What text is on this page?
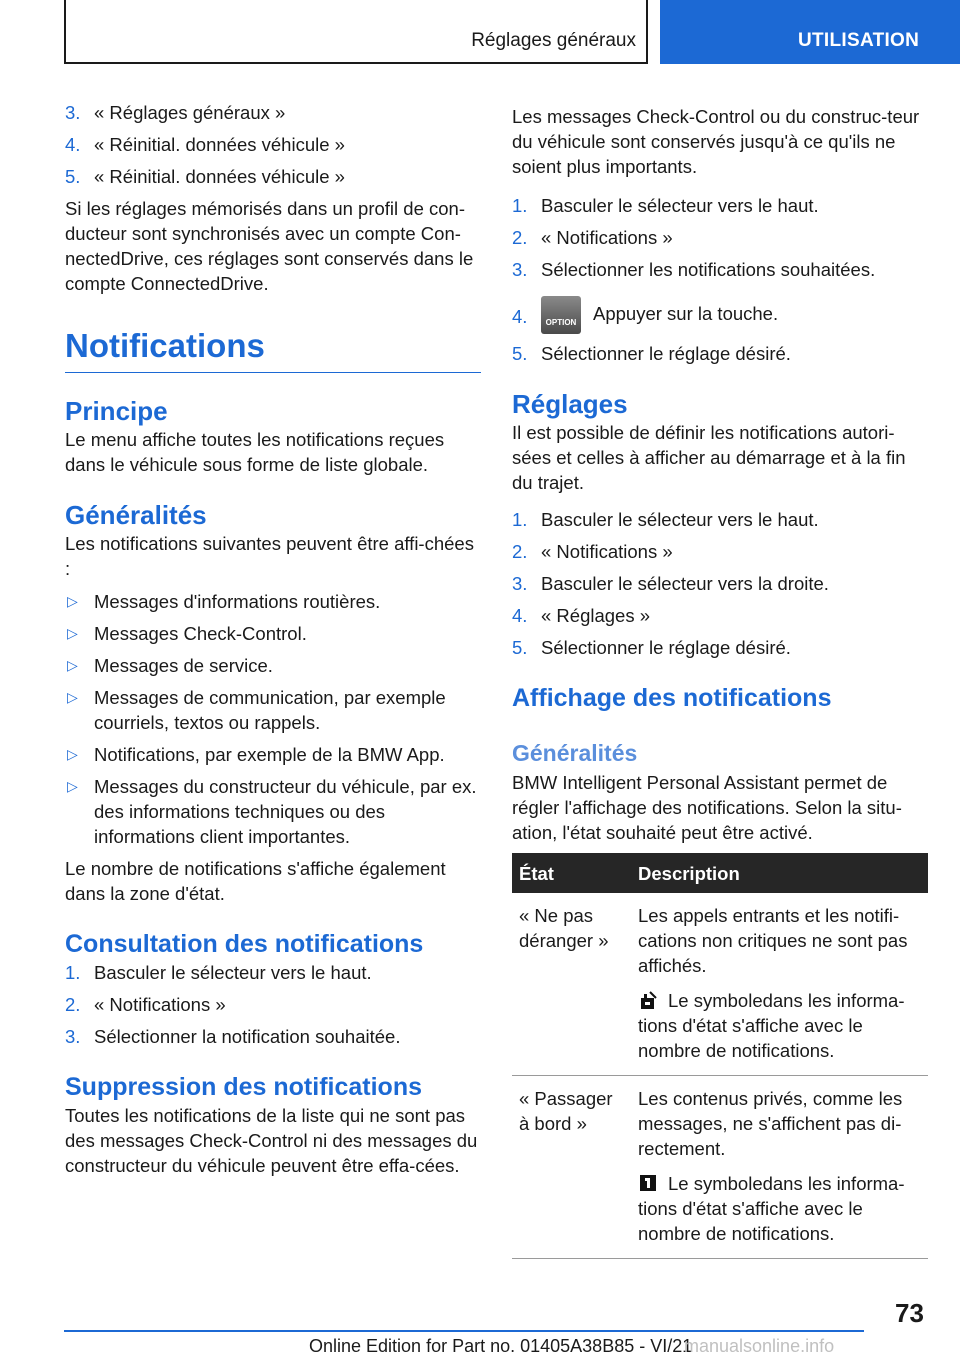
Réglages généraux	UTILISATION
3. « Réglages généraux »
4. « Réinitial. données véhicule »
5. « Réinitial. données véhicule »

Si les réglages mémorisés dans un profil de con-ducteur sont synchronisés avec un compte Con-nectedDrive, ces réglages sont conservés dans le compte ConnectedDrive.

Notifications
Principe

Le menu affiche toutes les notifications reçues dans le véhicule sous forme de liste globale.

Généralités

Les notifications suivantes peuvent être affi-chées :

▷ Messages d'informations routières.
▷ Messages Check-Control.
▷ Messages de service.
▷ Messages de communication, par exemple courriels, textos ou rappels.
▷ Notifications, par exemple de la BMW App.
▷ Messages du constructeur du véhicule, par ex. des informations techniques ou des informations client importantes.

Le nombre de notifications s'affiche également dans la zone d'état.

Consultation des notifications
1. Basculer le sélecteur vers le haut.
2. « Notifications »
3. Sélectionner la notification souhaitée.
Suppression des notifications

Toutes les notifications de la liste qui ne sont pas des messages Check-Control ni des messages du constructeur du véhicule peuvent être effa-cées.

Les messages Check-Control ou du construc-teur du véhicule sont conservés jusqu'à ce qu'ils ne soient plus importants.

1. Basculer le sélecteur vers le haut.
2. « Notifications »
3. Sélectionner les notifications souhaitées.
4.	OPTION Appuyer sur la touche.
5. Sélectionner le réglage désiré.
Réglages

Il est possible de définir les notifications autori-sées et celles à afficher au démarrage et à la fin du trajet.

1. Basculer le sélecteur vers le haut.
2. « Notifications »
3. Basculer le sélecteur vers la droite.
4. « Réglages »
5. Sélectionner le réglage désiré.
Affichage des notifications
Généralités

BMW Intelligent Personal Assistant permet de régler l'affichage des notifications. Selon la situ-ation, l'état souhaité peut être activé.

État	Description
« Ne pas déranger »	Les appels entrants et les notifi-cations non critiques ne sont pas affichés.

Le symboledans les informa-tions d'état s'affiche avec le nombre de notifications.

« Passager à bord »	Les contenus privés, comme les messages, ne s'affichent pas di-rectement.

Le symboledans les informa-tions d'état s'affiche avec le nombre de notifications.

73
Online Edition for Part no. 01405A38B85 - VI/21
manualsonline.info
